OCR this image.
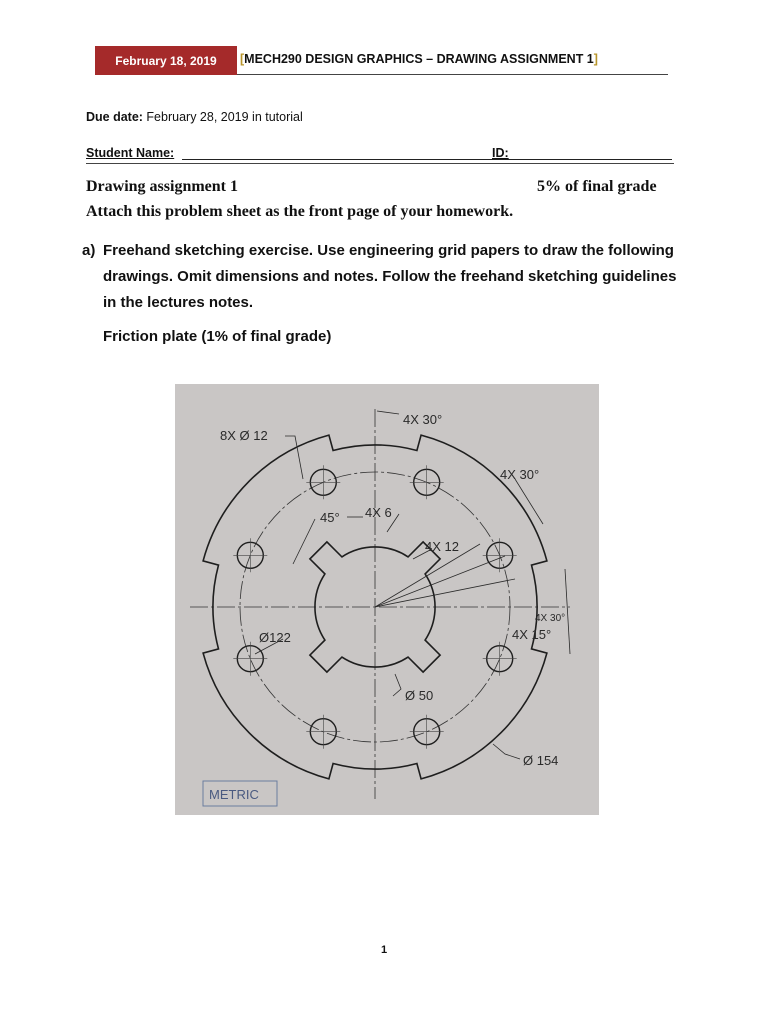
February 18, 2019	[MECH290 DESIGN GRAPHICS – DRAWING ASSIGNMENT 1]
Due date: February 28, 2019 in tutorial
Student Name:	ID:
Drawing assignment 1	5% of final grade
Attach this problem sheet as the front page of your homework.
a) Freehand sketching exercise. Use engineering grid papers to draw the following drawings. Omit dimensions and notes. Follow the freehand sketching guidelines in the lectures notes.
Friction plate (1% of final grade)
8X Ø 12
4X 30°
4X 30°
45° 4X 6
4X 12
4X 30°
4X 15°
Ø122
Ø 50
Ø 154
METRIC
1
